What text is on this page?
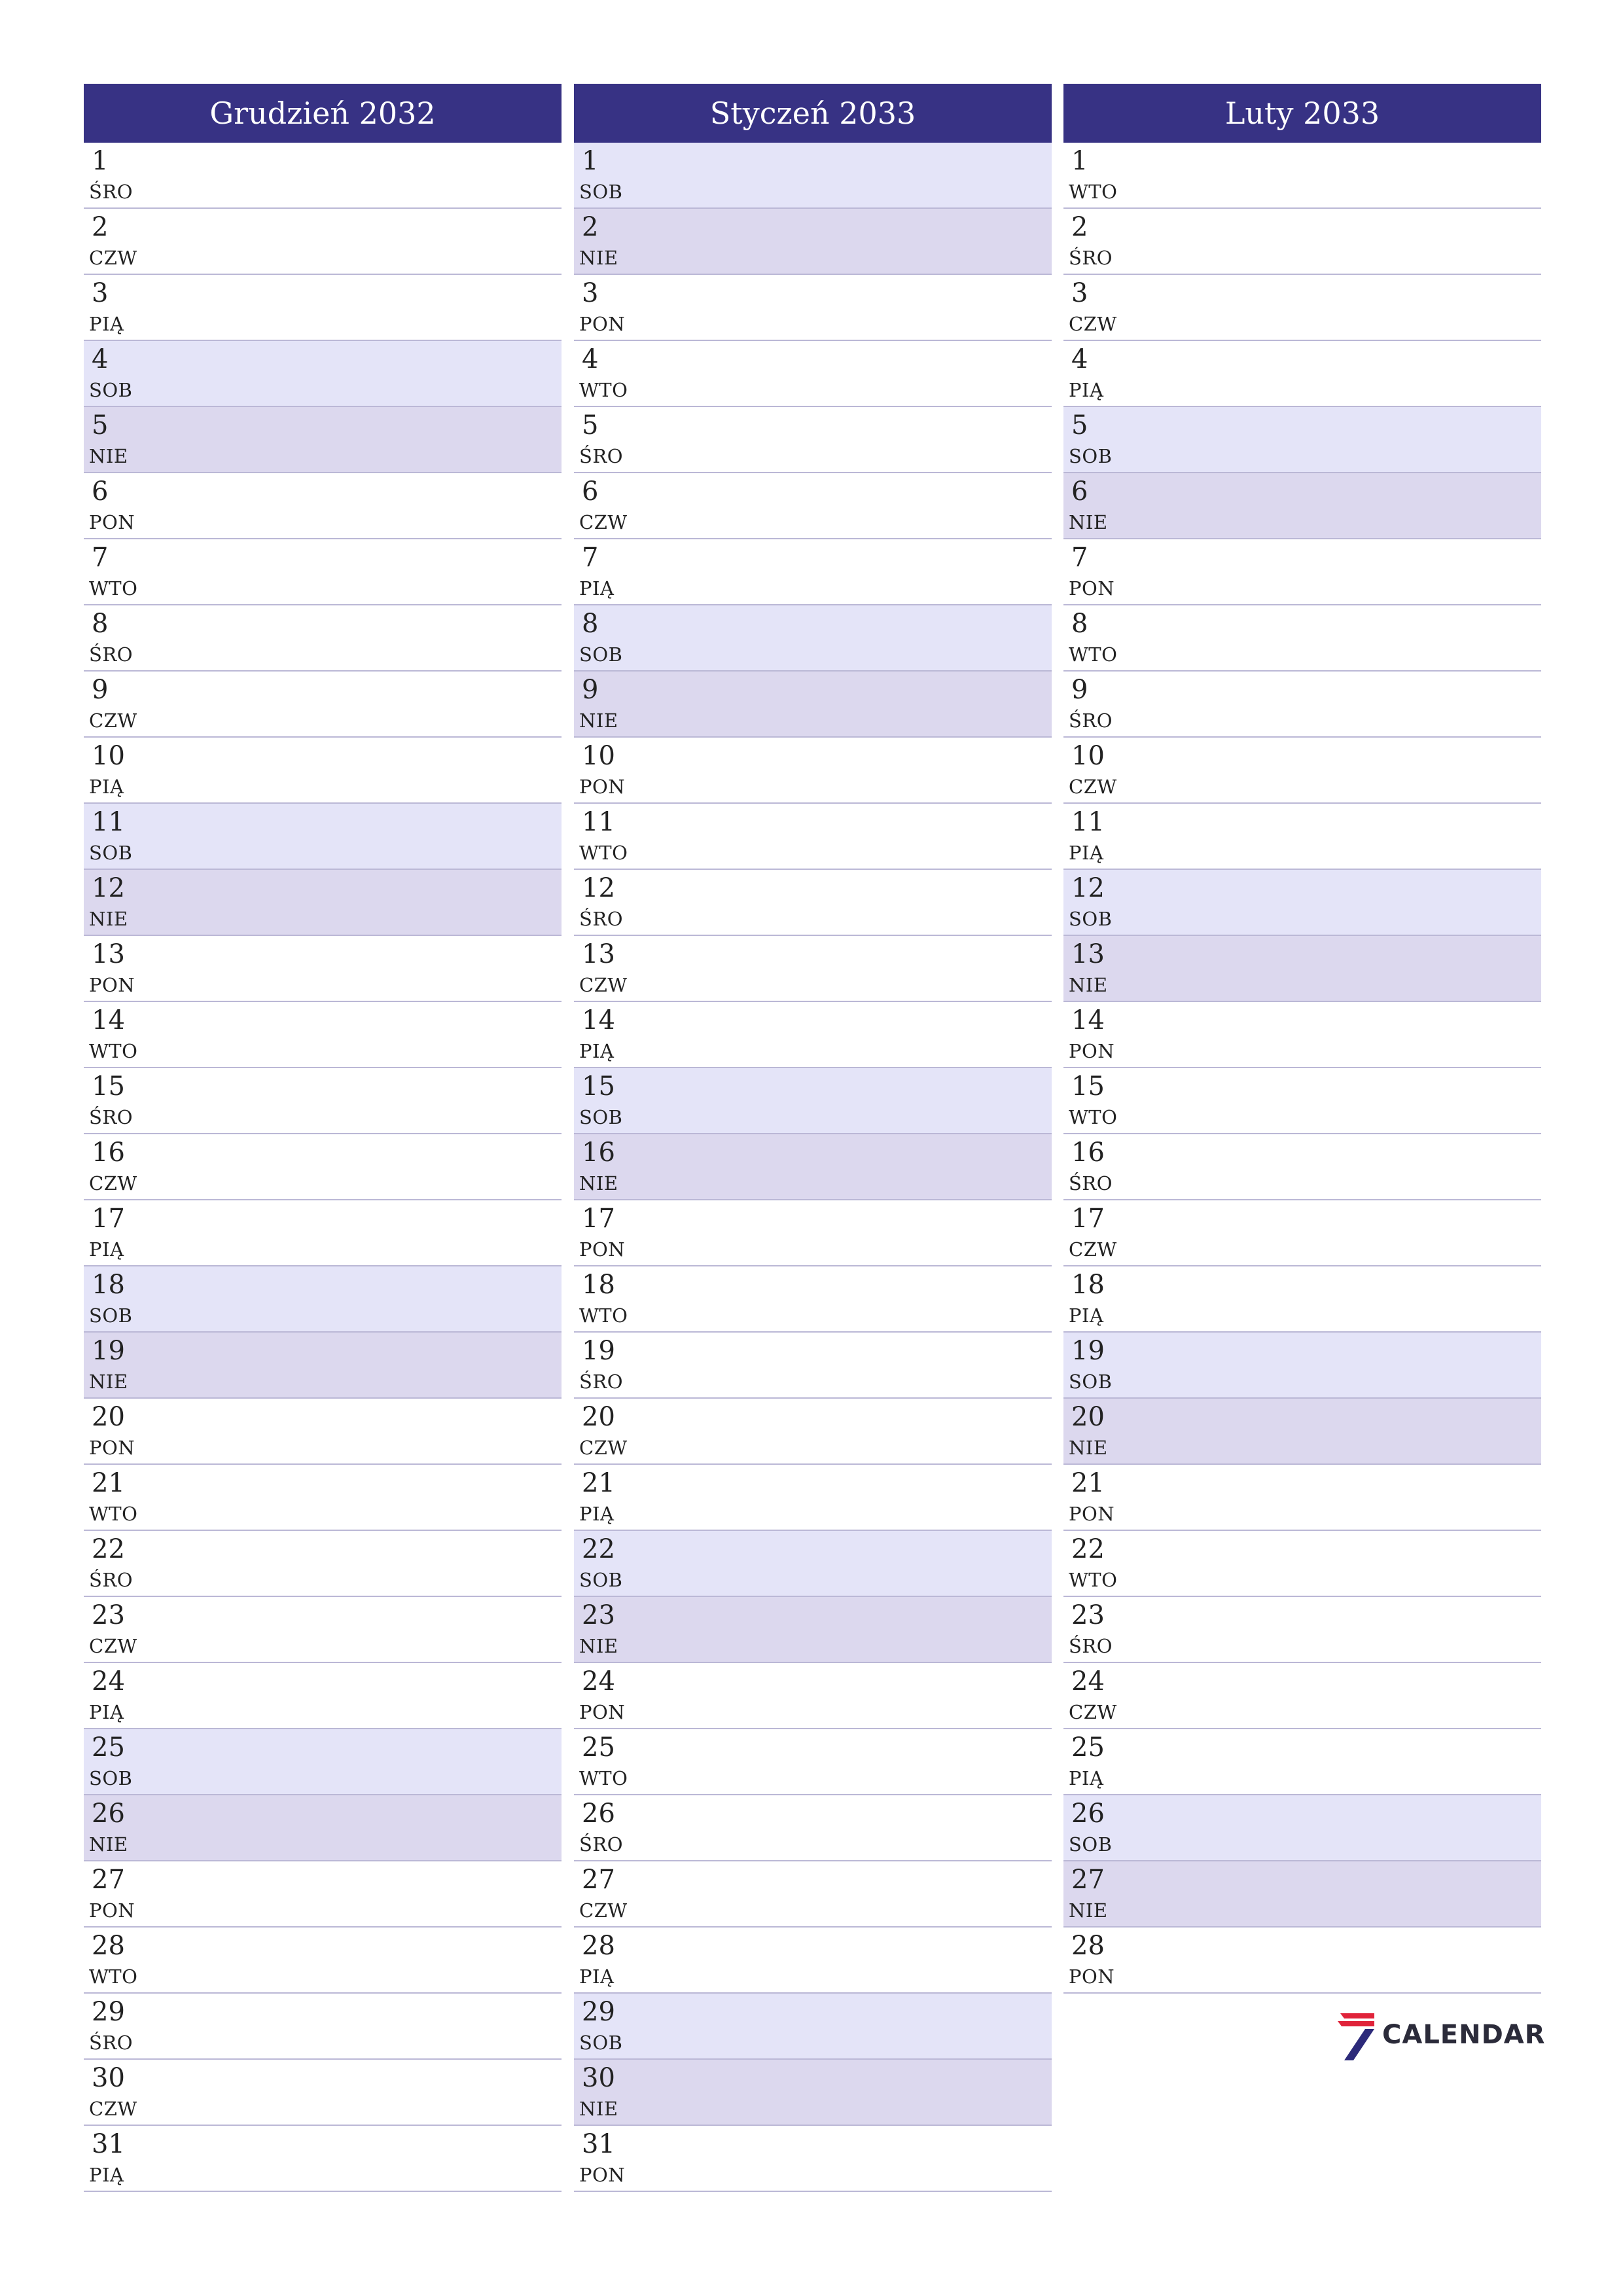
Grudzień 2032
1
ŚRO
2
CZW
3
PIĄ
4
SOB
5
NIE
6
PON
7
WTO
8
ŚRO
9
CZW
10
PIĄ
11
SOB
12
NIE
13
PON
14
WTO
15
ŚRO
16
CZW
17
PIĄ
18
SOB
19
NIE
20
PON
21
WTO
22
ŚRO
23
CZW
24
PIĄ
25
SOB
26
NIE
27
PON
28
WTO
29
ŚRO
30
CZW
31
PIĄ
Styczeń 2033
1
SOB
2
NIE
3
PON
4
WTO
5
ŚRO
6
CZW
7
PIĄ
8
SOB
9
NIE
10
PON
11
WTO
12
ŚRO
13
CZW
14
PIĄ
15
SOB
16
NIE
17
PON
18
WTO
19
ŚRO
20
CZW
21
PIĄ
22
SOB
23
NIE
24
PON
25
WTO
26
ŚRO
27
CZW
28
PIĄ
29
SOB
30
NIE
31
PON
Luty 2033
1
WTO
2
ŚRO
3
CZW
4
PIĄ
5
SOB
6
NIE
7
PON
8
WTO
9
ŚRO
10
CZW
11
PIĄ
12
SOB
13
NIE
14
PON
15
WTO
16
ŚRO
17
CZW
18
PIĄ
19
SOB
20
NIE
21
PON
22
WTO
23
ŚRO
24
CZW
25
PIĄ
26
SOB
27
NIE
28
PON
CALENDAR
